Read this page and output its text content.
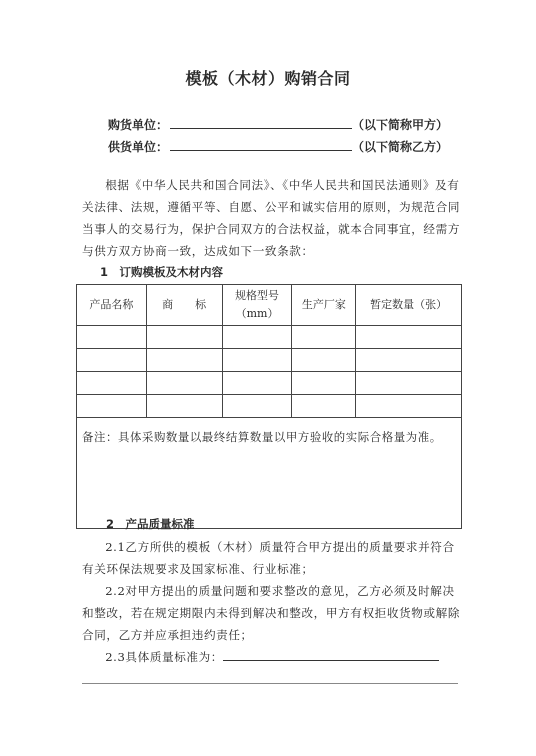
模板（木材）购销合同
购货单位：	（以下简称甲方）
供货单位：	（以下简称乙方）
根据《中华人民共和国合同法》、《中华人民共和国民法通则》及有关法律、法规，遵循平等、自愿、公平和诚实信用的原则，为规范合同当事人的交易行为，保护合同双方的合法权益，就本合同事宜，经需方与供方双方协商一致，达成如下一致条款：
1　订购模板及木材内容
产品名称	商　　标	规格型号（mm）	生产厂家	暂定数量（张）

备注：具体采购数量以最终结算数量以甲方验收的实际合格量为准。				
2　产品质量标准
2.1乙方所供的模板（木材）质量符合甲方提出的质量要求并符合有关环保法规要求及国家标准、行业标准；
2.2对甲方提出的质量问题和要求整改的意见，乙方必须及时解决和整改，若在规定期限内未得到解决和整改，甲方有权拒收货物或解除合同，乙方并应承担违约责任；
2.3具体质量标准为：
